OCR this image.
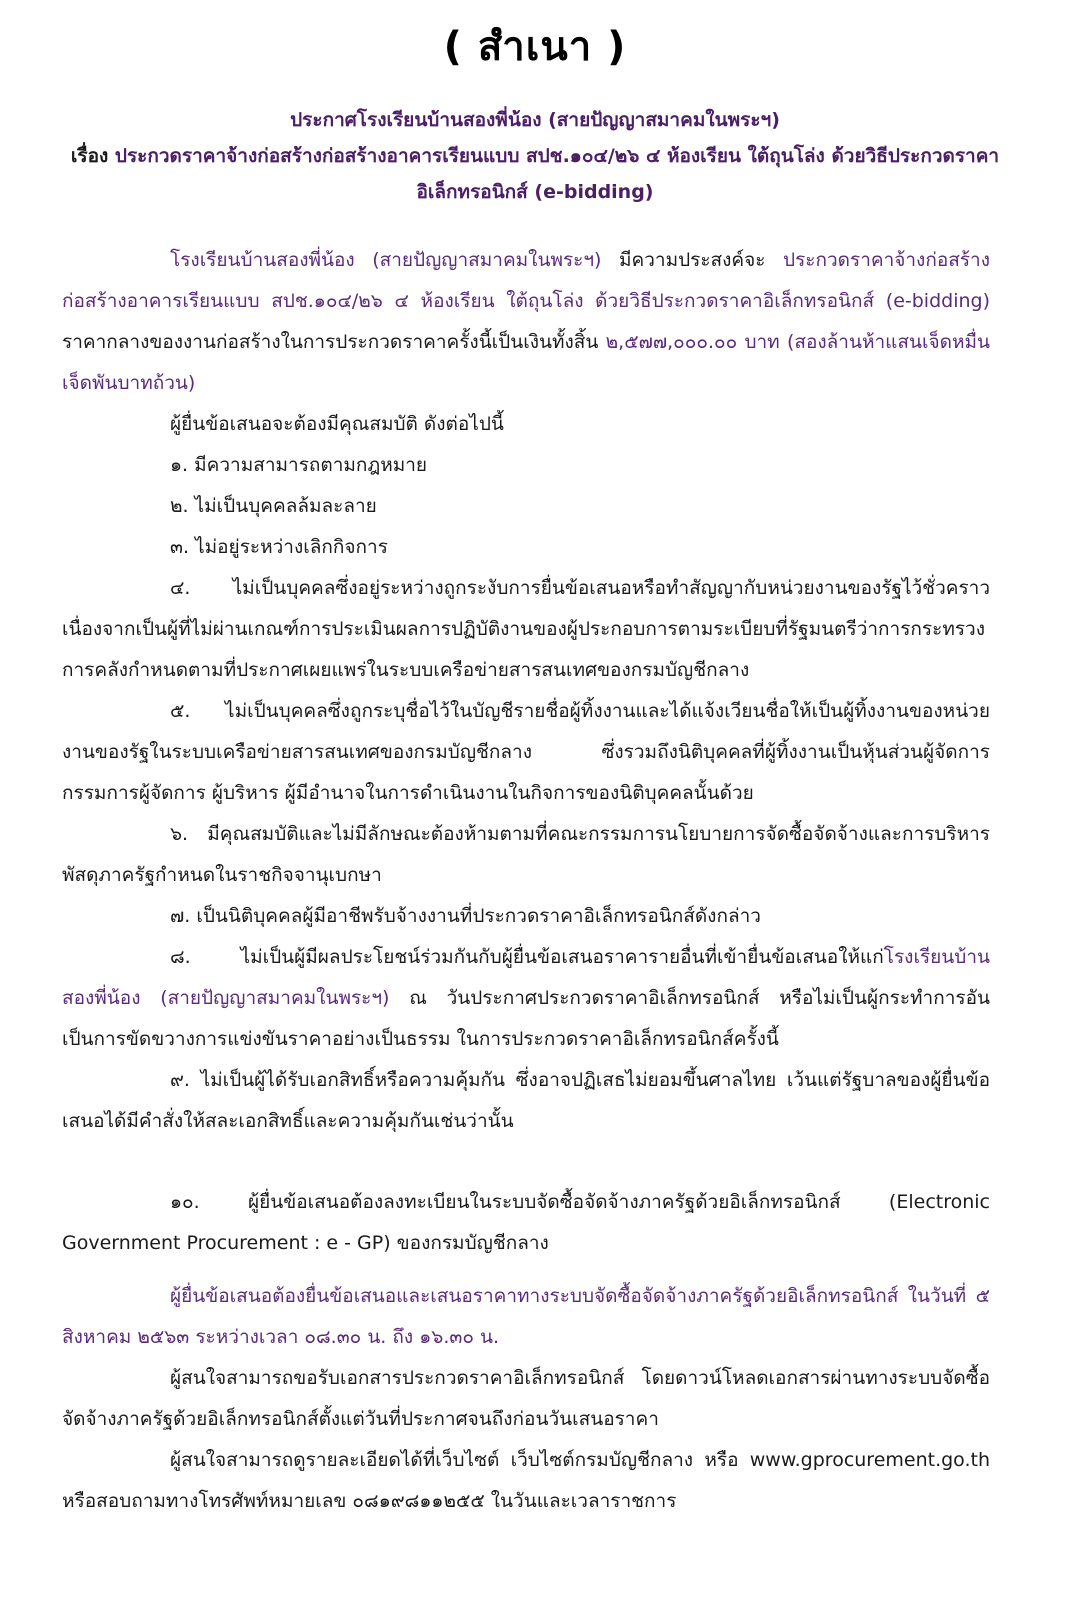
( สำเนา )
ประกาศโรงเรียนบ้านสองพี่น้อง (สายปัญญาสมาคมในพระฯ)
เรื่อง ประกวดราคาจ้างก่อสร้างก่อสร้างอาคารเรียนแบบ สปช.๑๐๔/๒๖ ๔ ห้องเรียน ใต้ถุนโล่ง ด้วยวิธีประกวดราคาอิเล็กทรอนิกส์ (e-bidding)

โรงเรียนบ้านสองพี่น้อง (สายปัญญาสมาคมในพระฯ) มีความประสงค์จะ ประกวดราคาจ้างก่อสร้างก่อสร้างอาคารเรียนแบบ สปช.๑๐๔/๒๖ ๔ ห้องเรียน ใต้ถุนโล่ง ด้วยวิธีประกวดราคาอิเล็กทรอนิกส์ (e-bidding) ราคากลางของงานก่อสร้างในการประกวดราคาครั้งนี้เป็นเงินทั้งสิ้น ๒,๕๗๗,๐๐๐.๐๐ บาท (สองล้านห้าแสนเจ็ดหมื่นเจ็ดพันบาทถ้วน)

ผู้ยื่นข้อเสนอจะต้องมีคุณสมบัติ ดังต่อไปนี้

๑. มีความสามารถตามกฎหมาย

๒. ไม่เป็นบุคคลล้มละลาย

๓. ไม่อยู่ระหว่างเลิกกิจการ

๔. ไม่เป็นบุคคลซึ่งอยู่ระหว่างถูกระงับการยื่นข้อเสนอหรือทำสัญญากับหน่วยงานของรัฐไว้ชั่วคราว เนื่องจากเป็นผู้ที่ไม่ผ่านเกณฑ์การประเมินผลการปฏิบัติงานของผู้ประกอบการตามระเบียบที่รัฐมนตรีว่าการกระทรวงการคลังกำหนดตามที่ประกาศเผยแพร่ในระบบเครือข่ายสารสนเทศของกรมบัญชีกลาง

๕. ไม่เป็นบุคคลซึ่งถูกระบุชื่อไว้ในบัญชีรายชื่อผู้ทิ้งงานและได้แจ้งเวียนชื่อให้เป็นผู้ทิ้งงานของหน่วยงานของรัฐในระบบเครือข่ายสารสนเทศของกรมบัญชีกลาง ซึ่งรวมถึงนิติบุคคลที่ผู้ทิ้งงานเป็นหุ้นส่วนผู้จัดการ กรรมการผู้จัดการ ผู้บริหาร ผู้มีอำนาจในการดำเนินงานในกิจการของนิติบุคคลนั้นด้วย

๖. มีคุณสมบัติและไม่มีลักษณะต้องห้ามตามที่คณะกรรมการนโยบายการจัดซื้อจัดจ้างและการบริหารพัสดุภาครัฐกำหนดในราชกิจจานุเบกษา

๗. เป็นนิติบุคคลผู้มีอาชีพรับจ้างงานที่ประกวดราคาอิเล็กทรอนิกส์ดังกล่าว

๘. ไม่เป็นผู้มีผลประโยชน์ร่วมกันกับผู้ยื่นข้อเสนอราคารายอื่นที่เข้ายื่นข้อเสนอให้แก่โรงเรียนบ้านสองพี่น้อง (สายปัญญาสมาคมในพระฯ) ณ วันประกาศประกวดราคาอิเล็กทรอนิกส์ หรือไม่เป็นผู้กระทำการอันเป็นการขัดขวางการแข่งขันราคาอย่างเป็นธรรม ในการประกวดราคาอิเล็กทรอนิกส์ครั้งนี้

๙. ไม่เป็นผู้ได้รับเอกสิทธิ์หรือความคุ้มกัน ซึ่งอาจปฏิเสธไม่ยอมขึ้นศาลไทย เว้นแต่รัฐบาลของผู้ยื่นข้อเสนอได้มีคำสั่งให้สละเอกสิทธิ์และความคุ้มกันเช่นว่านั้น

๑๐. ผู้ยื่นข้อเสนอต้องลงทะเบียนในระบบจัดซื้อจัดจ้างภาครัฐด้วยอิเล็กทรอนิกส์ (Electronic Government Procurement : e - GP) ของกรมบัญชีกลาง

ผู้ยื่นข้อเสนอต้องยื่นข้อเสนอและเสนอราคาทางระบบจัดซื้อจัดจ้างภาครัฐด้วยอิเล็กทรอนิกส์ ในวันที่ ๕ สิงหาคม ๒๕๖๓ ระหว่างเวลา ๐๘.๓๐ น. ถึง ๑๖.๓๐ น.

ผู้สนใจสามารถขอรับเอกสารประกวดราคาอิเล็กทรอนิกส์ โดยดาวน์โหลดเอกสารผ่านทางระบบจัดซื้อจัดจ้างภาครัฐด้วยอิเล็กทรอนิกส์ตั้งแต่วันที่ประกาศจนถึงก่อนวันเสนอราคา

ผู้สนใจสามารถดูรายละเอียดได้ที่เว็บไซต์ เว็บไซต์กรมบัญชีกลาง หรือ www.gprocurement.go.th หรือสอบถามทางโทรศัพท์หมายเลข ๐๘๑๙๘๑๑๒๕๕ ในวันและเวลาราชการ
